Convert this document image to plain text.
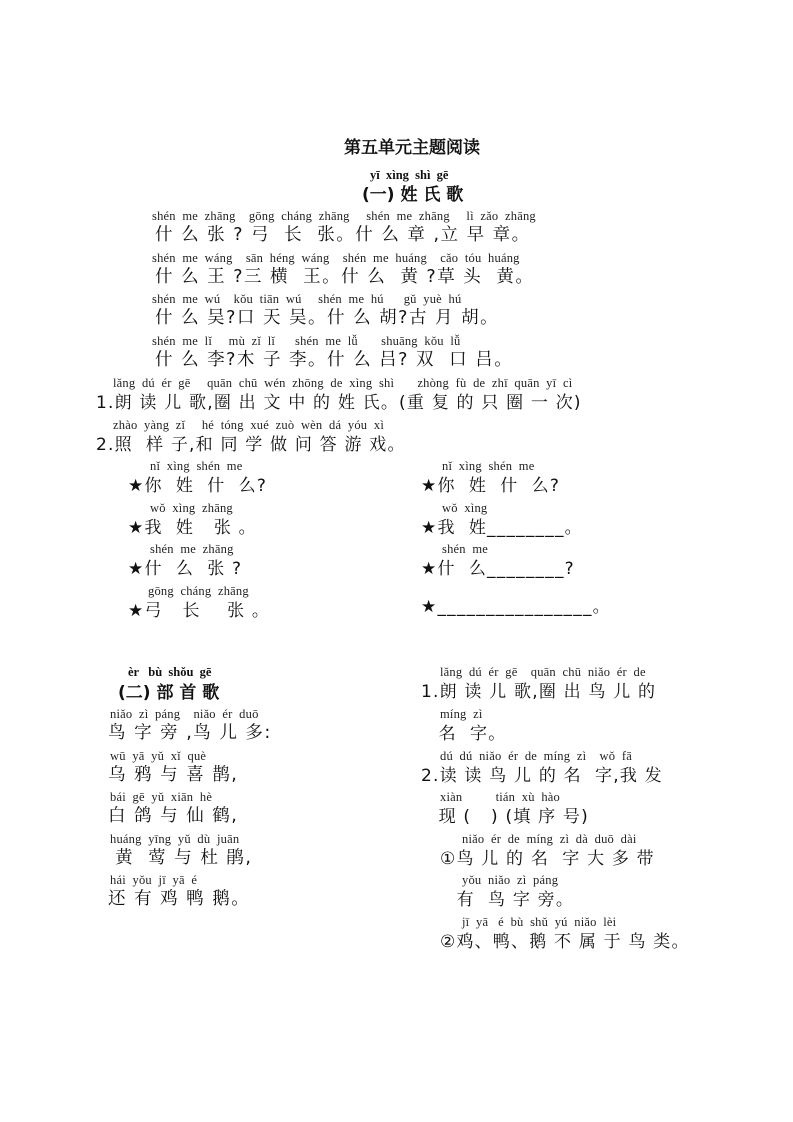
第五单元主题阅读
yī  xìng  shì  gē
(一) 姓 氏 歌
shén  me  zhāng    gōng  cháng  zhāng     shén  me  zhāng     lì  zǎo  zhāng
什 么 张 ? 弓  长  张。什 么 章 ,立 早 章。
shén  me  wáng    sān  héng  wáng    shén  me  huáng    cǎo  tóu  huáng
什 么 王 ?三 横  王。什 么  黄 ?草 头  黄。
shén  me  wú    kǒu  tiān  wú     shén  me  hú      gǔ  yuè  hú
什 么 吴?口 天 吴。什 么 胡?古 月 胡。
shén  me  lǐ     mù  zǐ  lǐ      shén  me  lǚ       shuāng  kǒu  lǚ
什 么 李?木 子 李。什 么 吕? 双  口 吕。
lǎng  dú  ér  gē     quān  chū  wén  zhōng  de  xìng  shì       zhòng  fù  de  zhī  quān  yī  cì
1.朗 读 儿 歌,圈 出 文 中 的 姓 氏。(重 复 的 只 圈 一 次)
zhào  yàng  zǐ     hé  tóng  xué  zuò  wèn  dá  yóu  xì
2.照  样 子,和 同 学 做 问 答 游 戏。
nǐ  xìng  shén  me
★你  姓  什  么?
wǒ  xìng  zhāng
★我  姓   张 。
shén  me  zhāng
★什  么  张 ?
gōng  cháng  zhāng
★弓   长    张 。
nǐ  xìng  shén  me
★你  姓  什  么?
wǒ  xìng
★我  姓________。
shén  me
★什  么________?
★________________。
èr   bù  shǒu  gē
(二) 部 首 歌
niǎo  zì  páng    niǎo  ér  duō
鸟 字 旁 ,鸟 儿 多:
wū  yā  yǔ  xǐ  què
乌 鸦 与 喜 鹊,
bái  gē  yǔ  xiān  hè
白 鸽 与 仙 鹤,
huáng  yīng  yǔ  dù  juān
黄  莺 与 杜 鹃,
hái  yǒu  jī  yā  é
还 有 鸡 鸭 鹅。
lǎng  dú  ér  gē    quān  chū  niǎo  ér  de
1.朗 读 儿 歌,圈 出 鸟 儿 的
míng  zì
名  字。
dú  dú  niǎo  ér  de  míng  zì    wǒ  fā
2.读 读 鸟 儿 的 名  字,我 发
xiàn          tián  xù  hào
现 (   ) (填 序 号)
niǎo  ér  de  míng  zì  dà  duō  dài
①鸟 儿 的 名  字 大 多 带
yǒu  niǎo  zì  páng
有  鸟 字 旁。
jī  yā   é  bù  shǔ  yú  niǎo  lèi
②鸡、鸭、鹅 不 属 于 鸟 类。
